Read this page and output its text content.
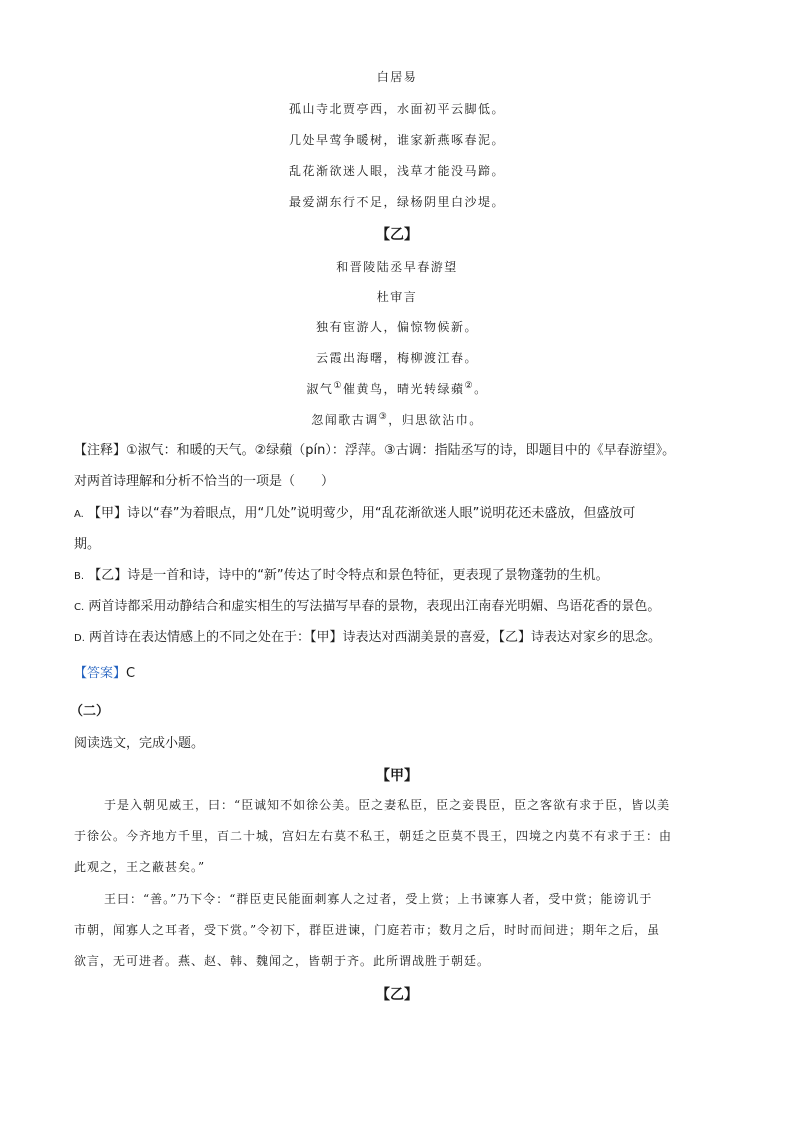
白居易
孤山寺北贾亭西，水面初平云脚低。
几处早莺争暖树，谁家新燕啄春泥。
乱花渐欲迷人眼，浅草才能没马蹄。
最爱湖东行不足，绿杨阴里白沙堤。
【乙】
和晋陵陆丞早春游望
杜审言
独有宦游人，偏惊物候新。
云霞出海曙，梅柳渡江春。
淑气①催黄鸟，晴光转绿蘋②。
忽闻歌古调③，归思欲沾巾。
【注释】①淑气：和暖的天气。②绿蘋（pín）：浮萍。③古调：指陆丞写的诗，即题目中的《早春游望》。
对两首诗理解和分析不恰当的一项是（　　）
A. 【甲】诗以“春”为着眼点，用“几处”说明莺少，用“乱花渐欲迷人眼”说明花还未盛放，但盛放可
期。
B. 【乙】诗是一首和诗，诗中的“新”传达了时令特点和景色特征，更表现了景物蓬勃的生机。
C. 两首诗都采用动静结合和虚实相生的写法描写早春的景物，表现出江南春光明媚、鸟语花香的景色。
D. 两首诗在表达情感上的不同之处在于：【甲】诗表达对西湖美景的喜爱，【乙】诗表达对家乡的思念。
【答案】C
（二）
阅读选文，完成小题。
【甲】
于是入朝见威王，曰：“臣诚知不如徐公美。臣之妻私臣，臣之妾畏臣，臣之客欲有求于臣，皆以美
于徐公。今齐地方千里，百二十城，宫妇左右莫不私王，朝廷之臣莫不畏王，四境之内莫不有求于王：由
此观之，王之蔽甚矣。”
王曰：“善。”乃下令：“群臣吏民能面刺寡人之过者，受上赏；上书谏寡人者，受中赏；能谤讥于
市朝，闻寡人之耳者，受下赏。”令初下，群臣进谏，门庭若市；数月之后，时时而间进；期年之后，虽
欲言，无可进者。燕、赵、韩、魏闻之，皆朝于齐。此所谓战胜于朝廷。
【乙】
